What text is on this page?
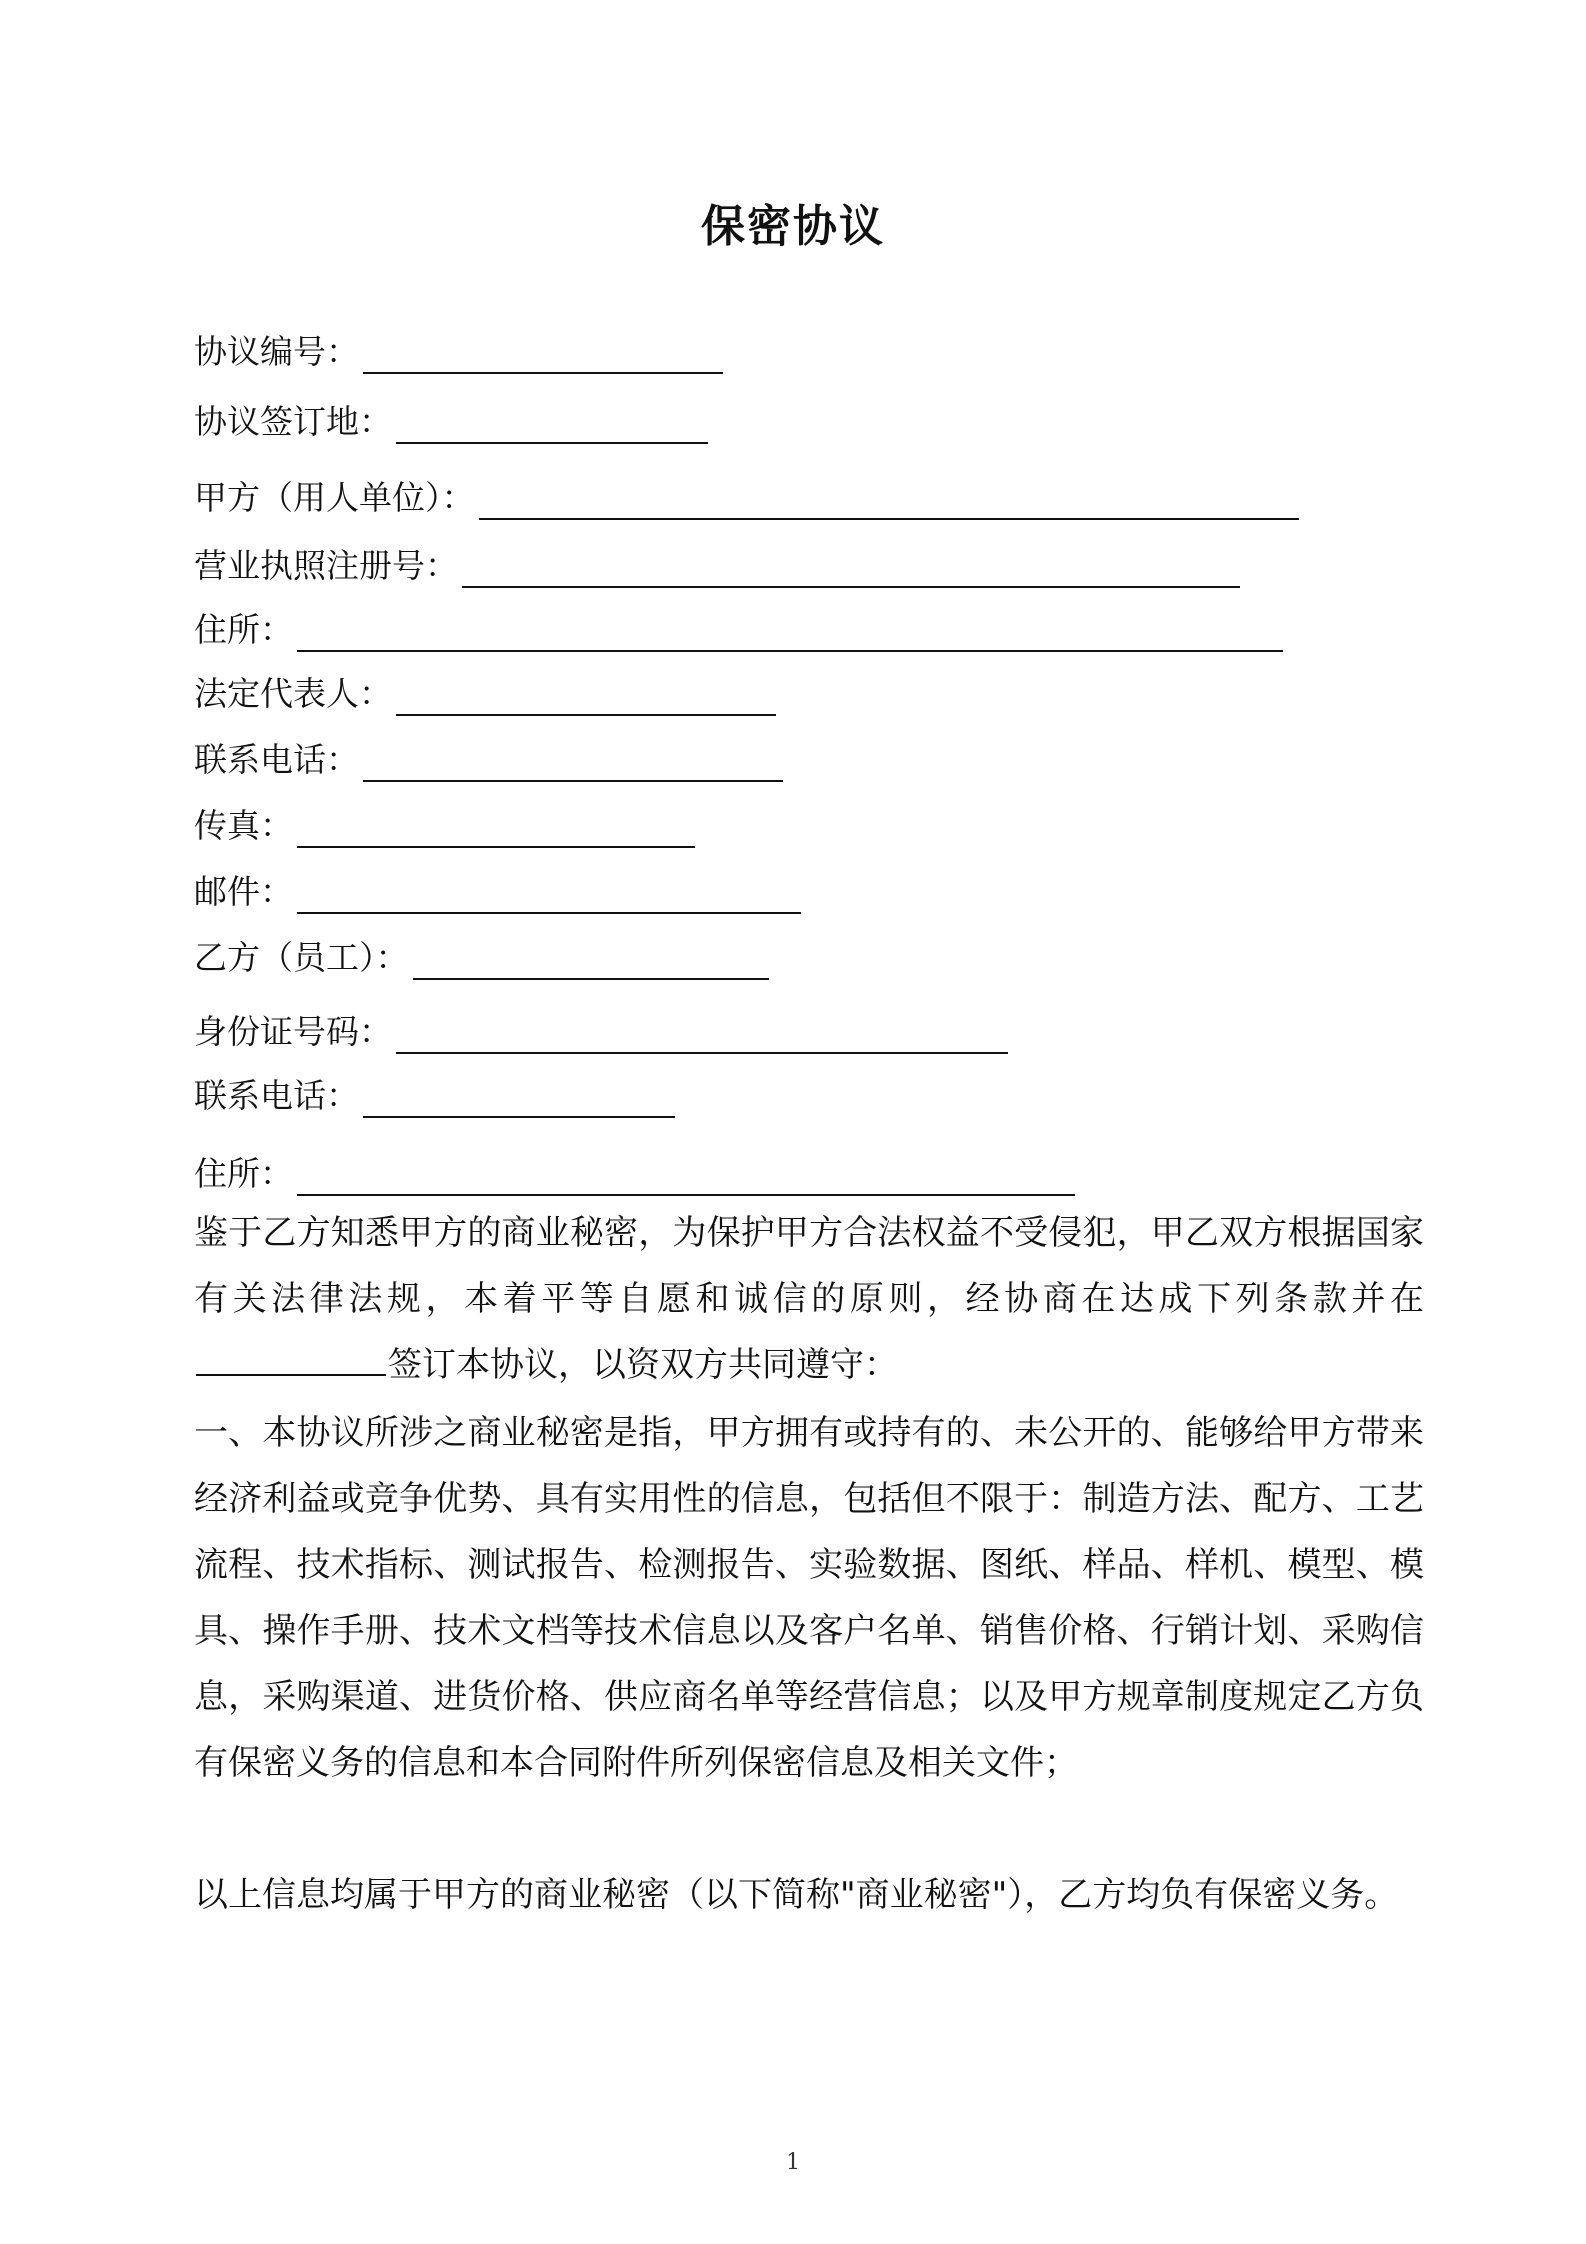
保密协议
协议编号：
协议签订地：
甲方（用人单位）：
营业执照注册号：
住所：
法定代表人：
联系电话：
传真：
邮件：
乙方（员工）：
身份证号码：
联系电话：
住所：
鉴于乙方知悉甲方的商业秘密，为保护甲方合法权益不受侵犯，甲乙双方根据国家有关法律法规，本着平等自愿和诚信的原则，经协商在达成下列条款并在签订本协议，以资双方共同遵守：
一、本协议所涉之商业秘密是指，甲方拥有或持有的、未公开的、能够给甲方带来经济利益或竞争优势、具有实用性的信息，包括但不限于：制造方法、配方、工艺流程、技术指标、测试报告、检测报告、实验数据、图纸、样品、样机、模型、模具、操作手册、技术文档等技术信息以及客户名单、销售价格、行销计划、采购信息，采购渠道、进货价格、供应商名单等经营信息；以及甲方规章制度规定乙方负有保密义务的信息和本合同附件所列保密信息及相关文件；
以上信息均属于甲方的商业秘密（以下简称"商业秘密"），乙方均负有保密义务。
1
